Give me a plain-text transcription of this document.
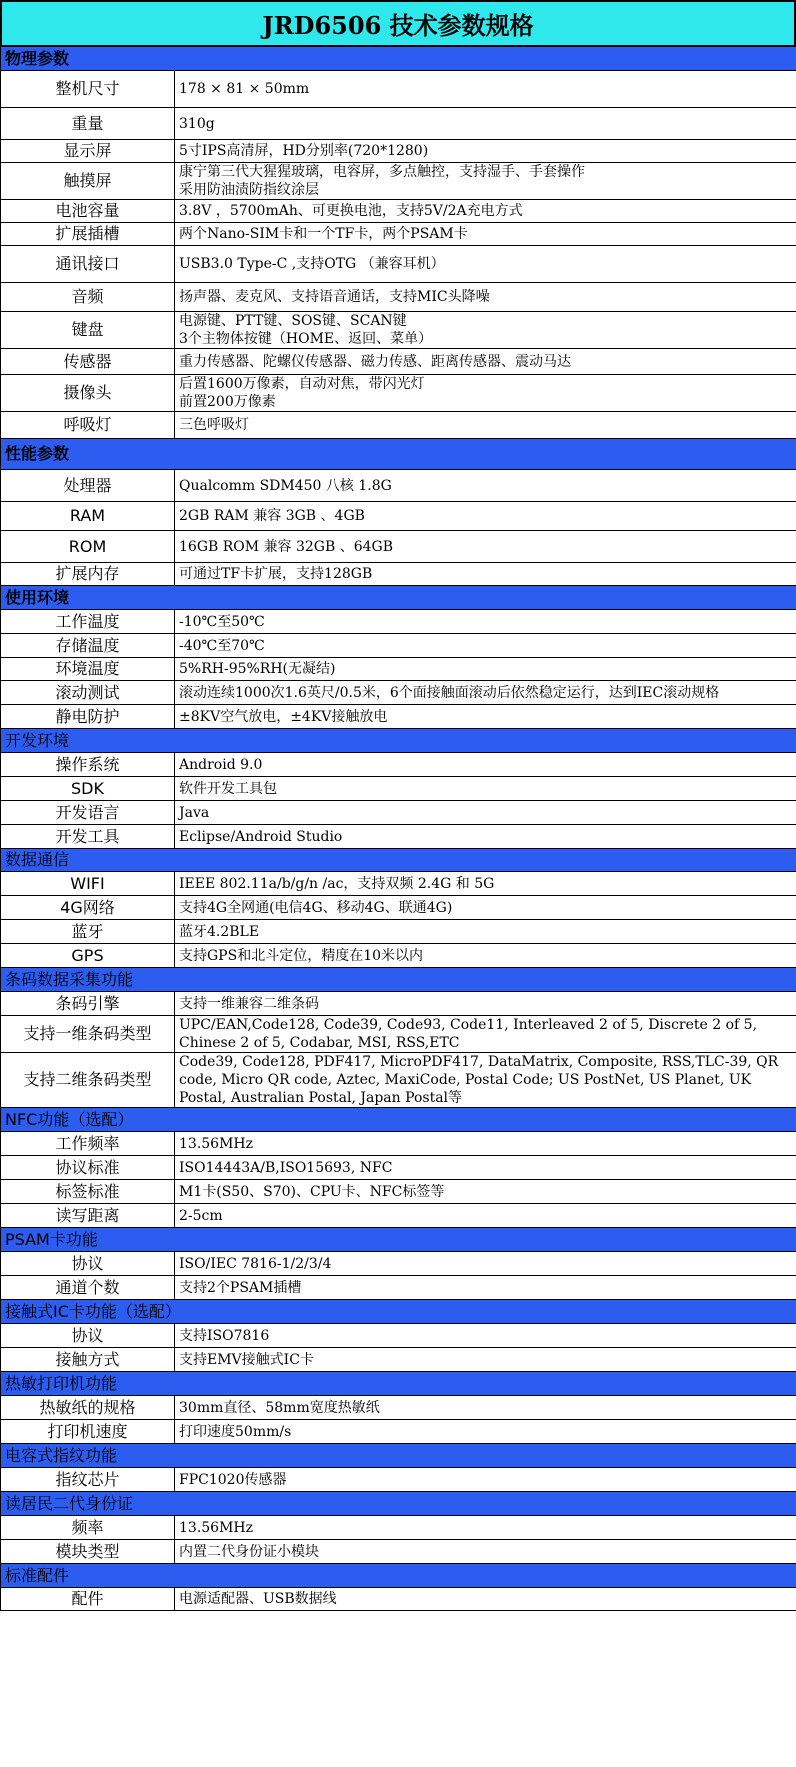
JRD6506 技术参数规格
物理参数	
整机尺寸	178 × 81 × 50mm
重量	310g
显示屏	5寸IPS高清屏，HD分别率(720*1280)
触摸屏	康宁第三代大猩猩玻璃，电容屏，多点触控，支持湿手、手套操作
采用防油渍防指纹涂层
电池容量	3.8V ，5700mAh、可更换电池，支持5V/2A充电方式
扩展插槽	两个Nano-SIM卡和一个TF卡，两个PSAM卡
通讯接口	USB3.0 Type-C ,支持OTG （兼容耳机）
音频	扬声器、麦克风、支持语音通话，支持MIC头降噪
键盘	电源键、PTT键、SOS键、SCAN键
3个主物体按键（HOME、返回、菜单）
传感器	重力传感器、陀螺仪传感器、磁力传感、距离传感器、震动马达
摄像头	后置1600万像素，自动对焦，带闪光灯
前置200万像素
呼吸灯	三色呼吸灯
性能参数	
处理器	Qualcomm SDM450 八核 1.8G
RAM	2GB RAM 兼容 3GB 、4GB
ROM	16GB ROM 兼容 32GB 、64GB
扩展内存	可通过TF卡扩展，支持128GB
使用环境	
工作温度	-10℃至50℃
存储温度	-40℃至70℃
环境温度	5%RH-95%RH(无凝结)
滚动测试	滚动连续1000次1.6英尺/0.5米，6个面接触面滚动后依然稳定运行，达到IEC滚动规格
静电防护	±8KV空气放电，±4KV接触放电
开发环境	
操作系统	Android 9.0
SDK	软件开发工具包
开发语言	Java
开发工具	Eclipse/Android Studio
数据通信	
WIFI	IEEE 802.11a/b/g/n /ac，支持双频 2.4G 和 5G
4G网络	支持4G全网通(电信4G、移动4G、联通4G)
蓝牙	蓝牙4.2BLE
GPS	支持GPS和北斗定位，精度在10米以内
条码数据采集功能	
条码引擎	支持一维兼容二维条码
支持一维条码类型	UPC/EAN,Code128, Code39, Code93, Code11, Interleaved 2 of 5, Discrete 2 of 5, Chinese 2 of 5, Codabar, MSI, RSS,ETC
支持二维条码类型	Code39, Code128, PDF417, MicroPDF417, DataMatrix, Composite, RSS,TLC-39, QR code, Micro QR code, Aztec, MaxiCode, Postal Code; US PostNet, US Planet, UK Postal, Australian Postal, Japan Postal等
NFC功能（选配）	
工作频率	13.56MHz
协议标准	ISO14443A/B,ISO15693, NFC
标签标准	M1卡(S50、S70)、CPU卡、NFC标签等
读写距离	2-5cm
PSAM卡功能	
协议	ISO/IEC 7816-1/2/3/4
通道个数	支持2个PSAM插槽
接触式IC卡功能（选配）	
协议	支持ISO7816
接触方式	支持EMV接触式IC卡
热敏打印机功能	
热敏纸的规格	30mm直径、58mm宽度热敏纸
打印机速度	打印速度50mm/s
电容式指纹功能	
指纹芯片	FPC1020传感器
读居民二代身份证	
频率	13.56MHz
模块类型	内置二代身份证小模块
标准配件	
配件	电源适配器、USB数据线
